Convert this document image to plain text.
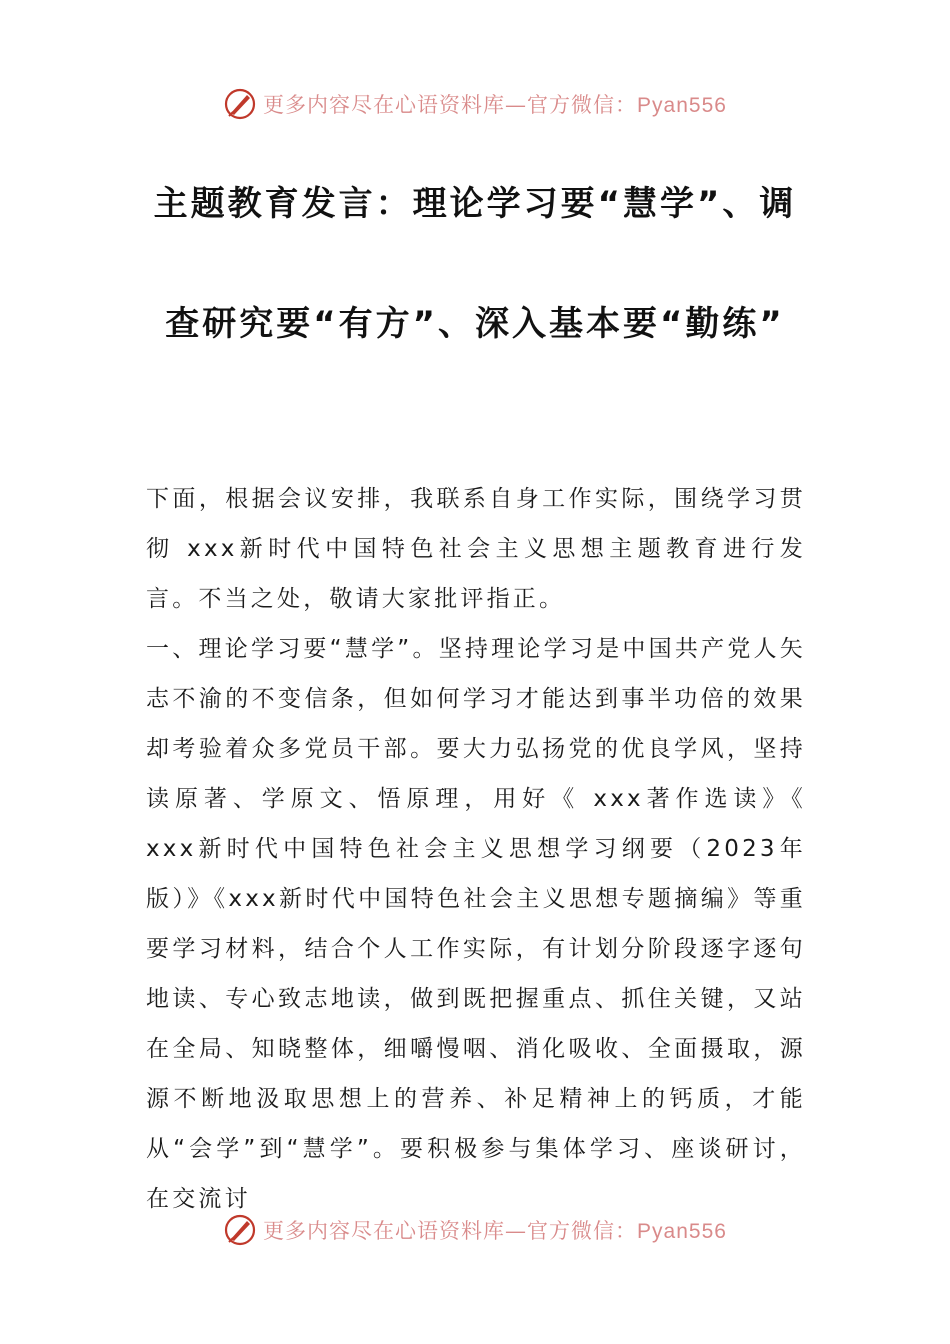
更多内容尽在心语资料库—官方微信：Pyan556
主题教育发言：理论学习要“慧学”、调
查研究要“有方”、深入基本要“勤练”

下面，根据会议安排，我联系自身工作实际，围绕学习贯彻 xxx新时代中国特色社会主义思想主题教育进行发言。不当之处，敬请大家批评指正。

一、理论学习要“慧学”。坚持理论学习是中国共产党人矢志不渝的不变信条，但如何学习才能达到事半功倍的效果却考验着众多党员干部。要大力弘扬党的优良学风，坚持读原著、学原文、悟原理，用好《 xxx著作选读》《 xxx新时代中国特色社会主义思想学习纲要（2023年版）》《xxx新时代中国特色社会主义思想专题摘编》等重要学习材料，结合个人工作实际，有计划分阶段逐字逐句地读、专心致志地读，做到既把握重点、抓住关键，又站在全局、知晓整体，细嚼慢咽、消化吸收、全面摄取，源源不断地汲取思想上的营养、补足精神上的钙质，才能从“会学”到“慧学”。要积极参与集体学习、座谈研讨，在交流讨

更多内容尽在心语资料库—官方微信：Pyan556
